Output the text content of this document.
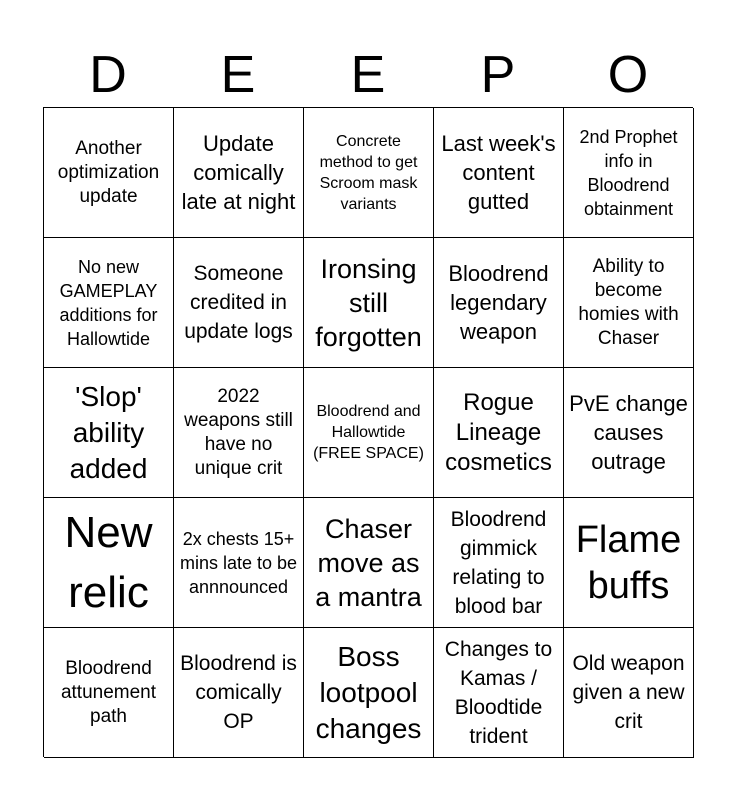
D	E	E	P	O
Another optimization update
Update comically late at night
Concrete method to get Scroom mask variants
Last week's content gutted
2nd Prophet info in Bloodrend obtainment
No new GAMEPLAY additions for Hallowtide
Someone credited in update logs
Ironsing still forgotten
Bloodrend legendary weapon
Ability to become homies with Chaser
'Slop' ability added
2022 weapons still have no unique crit
Bloodrend and Hallowtide (FREE SPACE)
Rogue Lineage cosmetics
PvE change causes outrage
New relic
2x chests 15+ mins late to be annnounced
Chaser move as a mantra
Bloodrend gimmick relating to blood bar
Flame buffs
Bloodrend attunement path
Bloodrend is comically OP
Boss lootpool changes
Changes to Kamas / Bloodtide trident
Old weapon given a new crit
